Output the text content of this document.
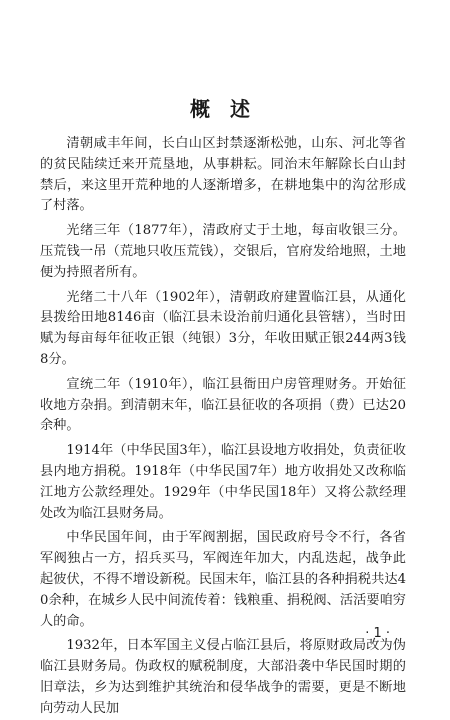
概述

清朝咸丰年间，长白山区封禁逐渐松弛，山东、河北等省的贫民陆续迁来开荒垦地，从事耕耘。同治末年解除长白山封禁后，来这里开荒种地的人逐渐增多，在耕地集中的沟岔形成了村落。

光绪三年（1877年），清政府丈于土地，每亩收银三分。压荒钱一吊（荒地只收压荒钱），交银后，官府发给地照，土地便为持照者所有。

光绪二十八年（1902年），清朝政府建置临江县，从通化县拨给田地8146亩（临江县未设治前归通化县管辖），当时田赋为每亩每年征收正银（纯银）3分，年收田赋正银244两3钱8分。

宣统二年（1910年），临江县衙田户房管理财务。开始征收地方杂捐。到清朝末年，临江县征收的各项捐（费）已达20余种。

1914年（中华民国3年），临江县设地方收捐处，负责征收县内地方捐税。1918年（中华民国7年）地方收捐处又改称临江地方公款经理处。1929年（中华民国18年）又将公款经理处改为临江县财务局。

中华民国年间，由于军阀割据，国民政府号令不行，各省军阀独占一方，招兵买马，军阀连年加大，内乱迭起，战争此起彼伏，不得不增设新税。民国末年，临江县的各种捐税共达40余种，在城乡人民中间流传着：钱粮重、捐税阀、活活要咱穷人的命。

1932年，日本军国主义侵占临江县后，将原财政局改为伪临江县财务局。伪政权的赋税制度，大部沿袭中华民国时期的旧章法，乡为达到维护其统治和侵华战争的需要，更是不断地向劳动人民加

· 1 ·
